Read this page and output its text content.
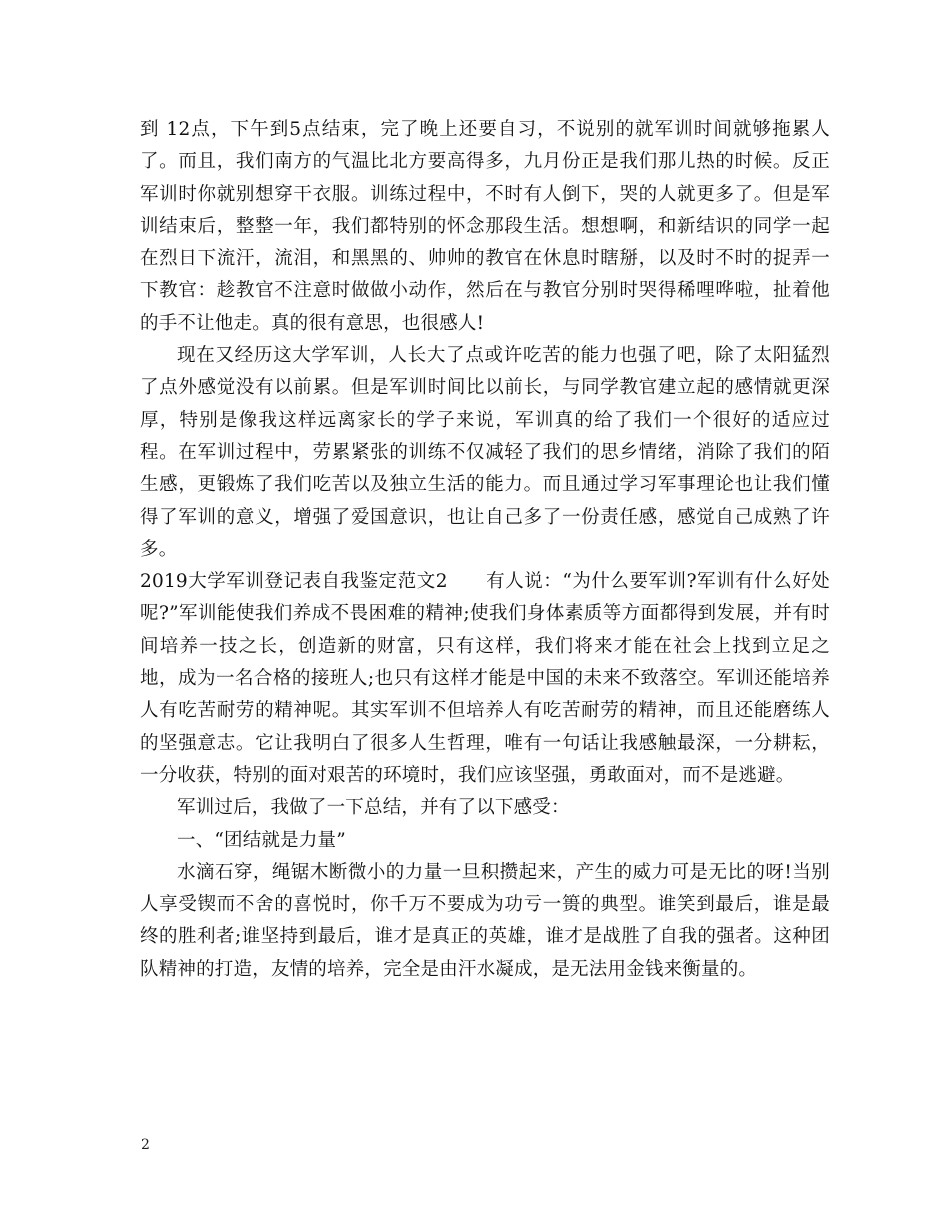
到 12点，下午到5点结束，完了晚上还要自习，不说别的就军训时间就够拖累人了。而且，我们南方的气温比北方要高得多，九月份正是我们那儿热的时候。反正军训时你就别想穿干衣服。训练过程中，不时有人倒下，哭的人就更多了。但是军训结束后，整整一年，我们都特别的怀念那段生活。想想啊，和新结识的同学一起在烈日下流汗，流泪，和黑黑的、帅帅的教官在休息时瞎掰，以及时不时的捉弄一下教官：趁教官不注意时做做小动作，然后在与教官分别时哭得稀哩哗啦，扯着他的手不让他走。真的很有意思，也很感人!

现在又经历这大学军训，人长大了点或许吃苦的能力也强了吧，除了太阳猛烈了点外感觉没有以前累。但是军训时间比以前长，与同学教官建立起的感情就更深厚，特别是像我这样远离家长的学子来说，军训真的给了我们一个很好的适应过程。在军训过程中，劳累紧张的训练不仅减轻了我们的思乡情绪，消除了我们的陌生感，更锻炼了我们吃苦以及独立生活的能力。而且通过学习军事理论也让我们懂得了军训的意义，增强了爱国意识，也让自己多了一份责任感，感觉自己成熟了许多。

2019大学军训登记表自我鉴定范文2　　有人说：“为什么要军训?军训有什么好处呢?”军训能使我们养成不畏困难的精神;使我们身体素质等方面都得到发展，并有时间培养一技之长，创造新的财富，只有这样，我们将来才能在社会上找到立足之地，成为一名合格的接班人;也只有这样才能是中国的未来不致落空。军训还能培养人有吃苦耐劳的精神呢。其实军训不但培养人有吃苦耐劳的精神，而且还能磨练人的坚强意志。它让我明白了很多人生哲理，唯有一句话让我感触最深，一分耕耘，一分收获，特别的面对艰苦的环境时，我们应该坚强，勇敢面对，而不是逃避。

军训过后，我做了一下总结，并有了以下感受：

一、“团结就是力量”

水滴石穿，绳锯木断微小的力量一旦积攒起来，产生的威力可是无比的呀!当别人享受锲而不舍的喜悦时，你千万不要成为功亏一篑的典型。谁笑到最后，谁是最终的胜利者;谁坚持到最后，谁才是真正的英雄，谁才是战胜了自我的强者。这种团队精神的打造，友情的培养，完全是由汗水凝成，是无法用金钱来衡量的。

2
